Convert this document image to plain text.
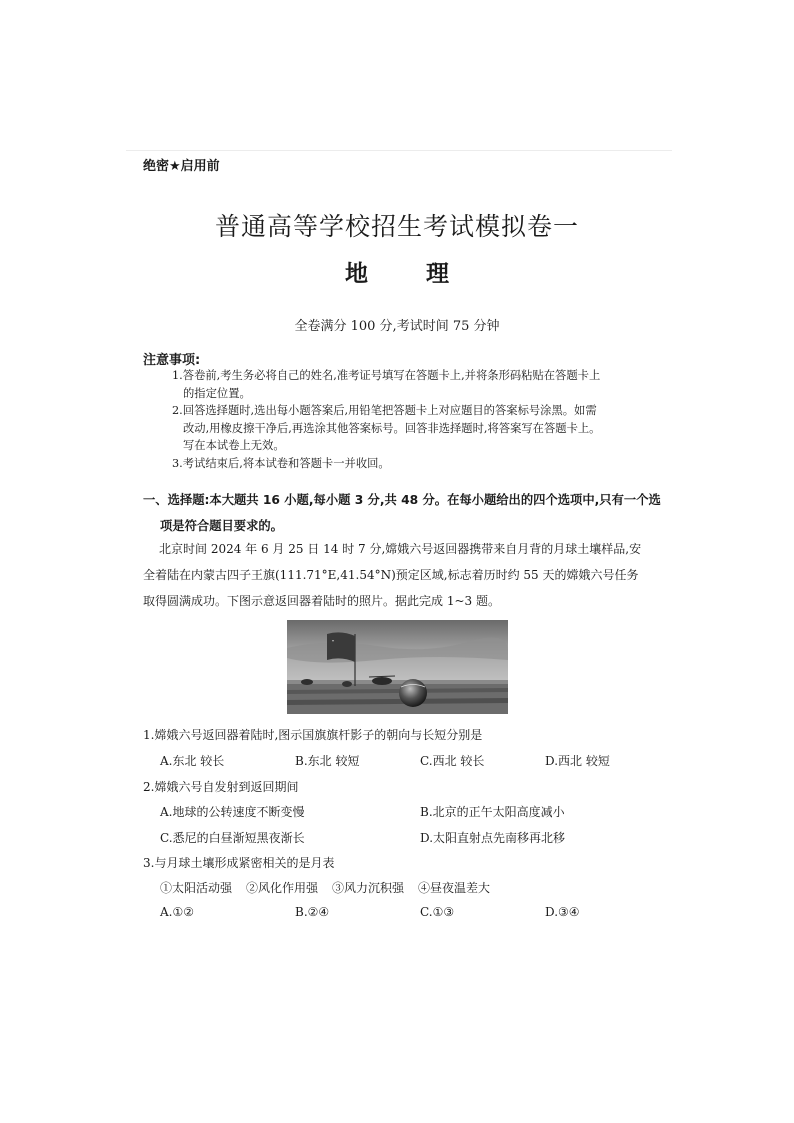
绝密★启用前
普通高等学校招生考试模拟卷一
地 理
全卷满分 100 分,考试时间 75 分钟
注意事项:
1.答卷前,考生务必将自己的姓名,准考证号填写在答题卡上,并将条形码粘贴在答题卡上
的指定位置。
2.回答选择题时,选出每小题答案后,用铅笔把答题卡上对应题目的答案标号涂黑。如需
改动,用橡皮擦干净后,再选涂其他答案标号。回答非选择题时,将答案写在答题卡上。
写在本试卷上无效。
3.考试结束后,将本试卷和答题卡一并收回。
一、选择题:本大题共 16 小题,每小题 3 分,共 48 分。在每小题给出的四个选项中,只有一个选
项是符合题目要求的。
北京时间 2024 年 6 月 25 日 14 时 7 分,嫦娥六号返回器携带来自月背的月球土壤样品,安
全着陆在内蒙古四子王旗(111.71°E,41.54°N)预定区域,标志着历时约 55 天的嫦娥六号任务
取得圆满成功。下图示意返回器着陆时的照片。据此完成 1~3 题。
1.嫦娥六号返回器着陆时,图示国旗旗杆影子的朝向与长短分别是
A.东北 较长	B.东北 较短	C.西北 较长	D.西北 较短
2.嫦娥六号自发射到返回期间
A.地球的公转速度不断变慢	B.北京的正午太阳高度减小
C.悉尼的白昼渐短黑夜渐长	D.太阳直射点先南移再北移
3.与月球土壤形成紧密相关的是月表
①太阳活动强 ②风化作用强 ③风力沉积强 ④昼夜温差大
A.①②	B.②④	C.①③	D.③④
